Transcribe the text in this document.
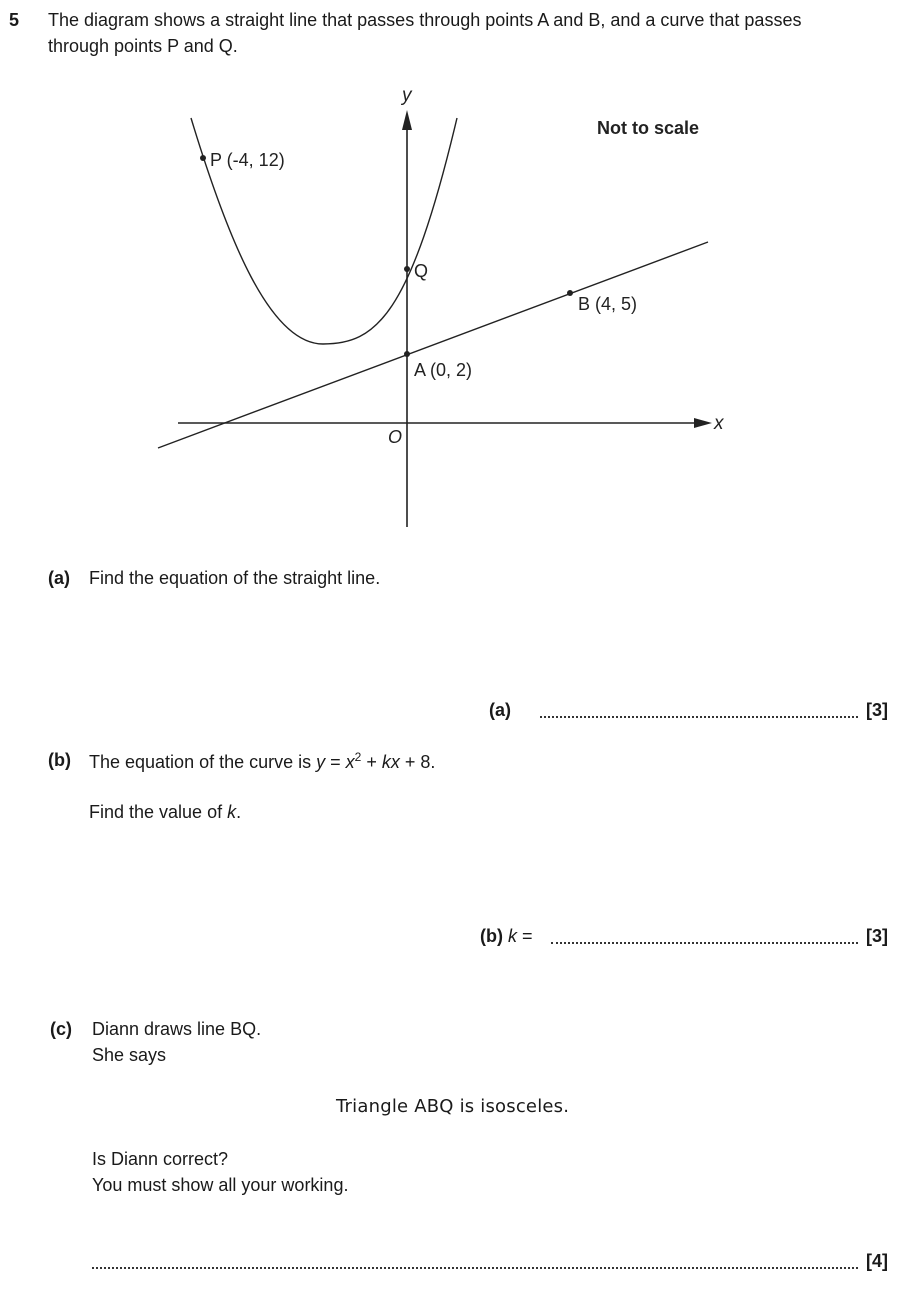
5 The diagram shows a straight line that passes through points A and B, and a curve that passes
through points P and Q.
y
x
O
Not to scale
P (-4, 12)
Q
A (0, 2)
B (4, 5)
(a) Find the equation of the straight line.
(a)	[3]
(b) The equation of the curve is $y = x^2$ + kx + 8.
Find the value of k.
(b) k =	[3]
(c) Diann draws line BQ.
She says
Triangle ABQ is isosceles.
Is Diann correct?
You must show all your working.
[4]
